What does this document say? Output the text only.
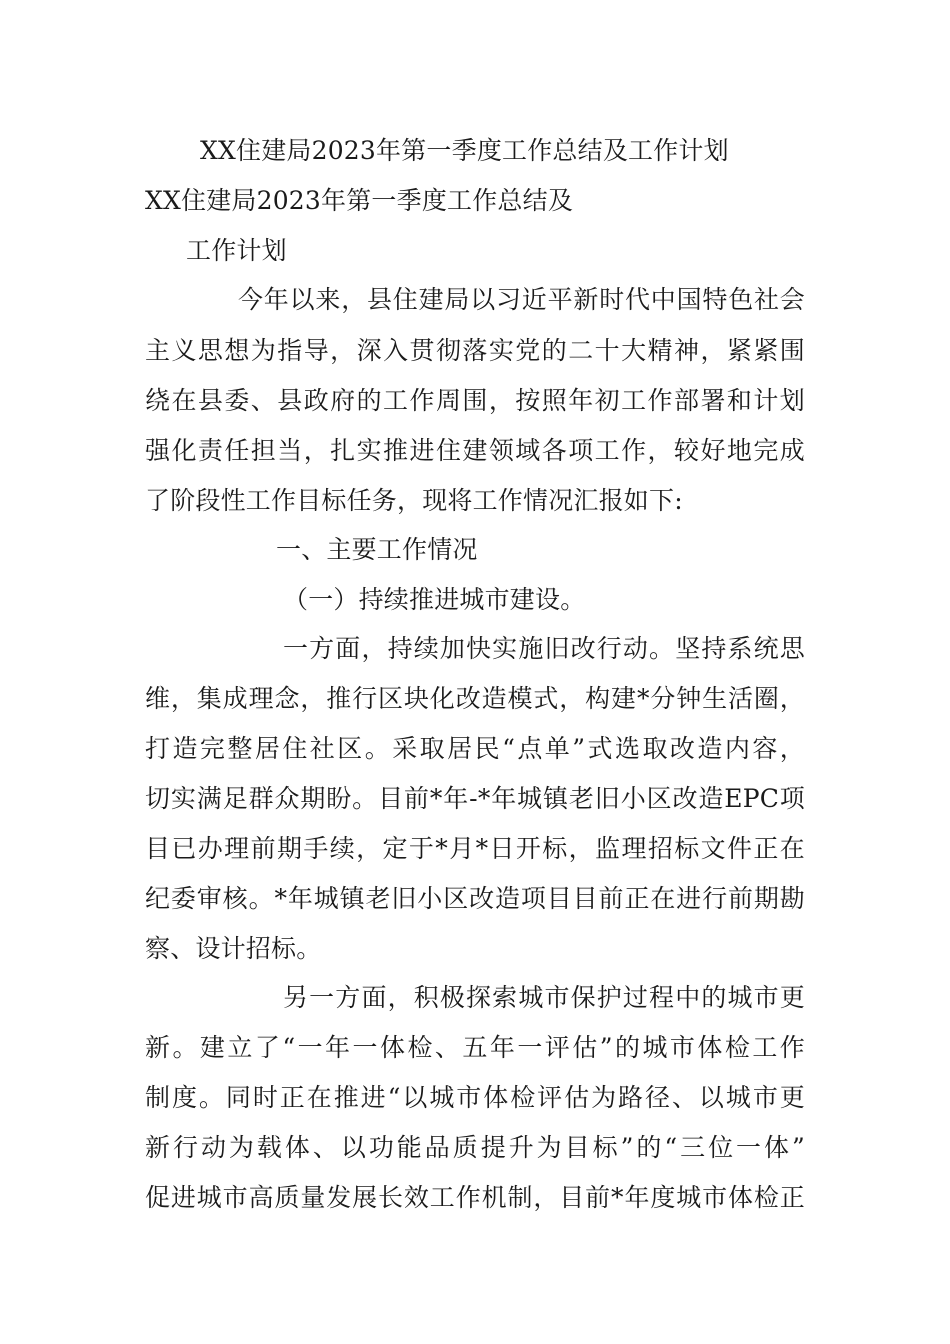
XX住建局2023年第一季度工作总结及工作计划
XX住建局2023年第一季度工作总结及
工作计划
今年以来，县住建局以习近平新时代中国特色社会
主义思想为指导，深入贯彻落实党的二十大精神，紧紧围
绕在县委、县政府的工作周围，按照年初工作部署和计划
强化责任担当，扎实推进住建领域各项工作，较好地完成
了阶段性工作目标任务，现将工作情况汇报如下:
一、主要工作情况
（一）持续推进城市建设。
一方面，持续加快实施旧改行动。坚持系统思
维，集成理念，推行区块化改造模式，构建*分钟生活圈，
打造完整居住社区。采取居民“点单”式选取改造内容，
切实满足群众期盼。目前*年-*年城镇老旧小区改造EPC项
目已办理前期手续，定于*月*日开标，监理招标文件正在
纪委审核。*年城镇老旧小区改造项目目前正在进行前期勘
察、设计招标。
另一方面，积极探索城市保护过程中的城市更
新。建立了“一年一体检、五年一评估”的城市体检工作
制度。同时正在推进“以城市体检评估为路径、以城市更
新行动为载体、以功能品质提升为目标”的“三位一体”
促进城市高质量发展长效工作机制，目前*年度城市体检正
